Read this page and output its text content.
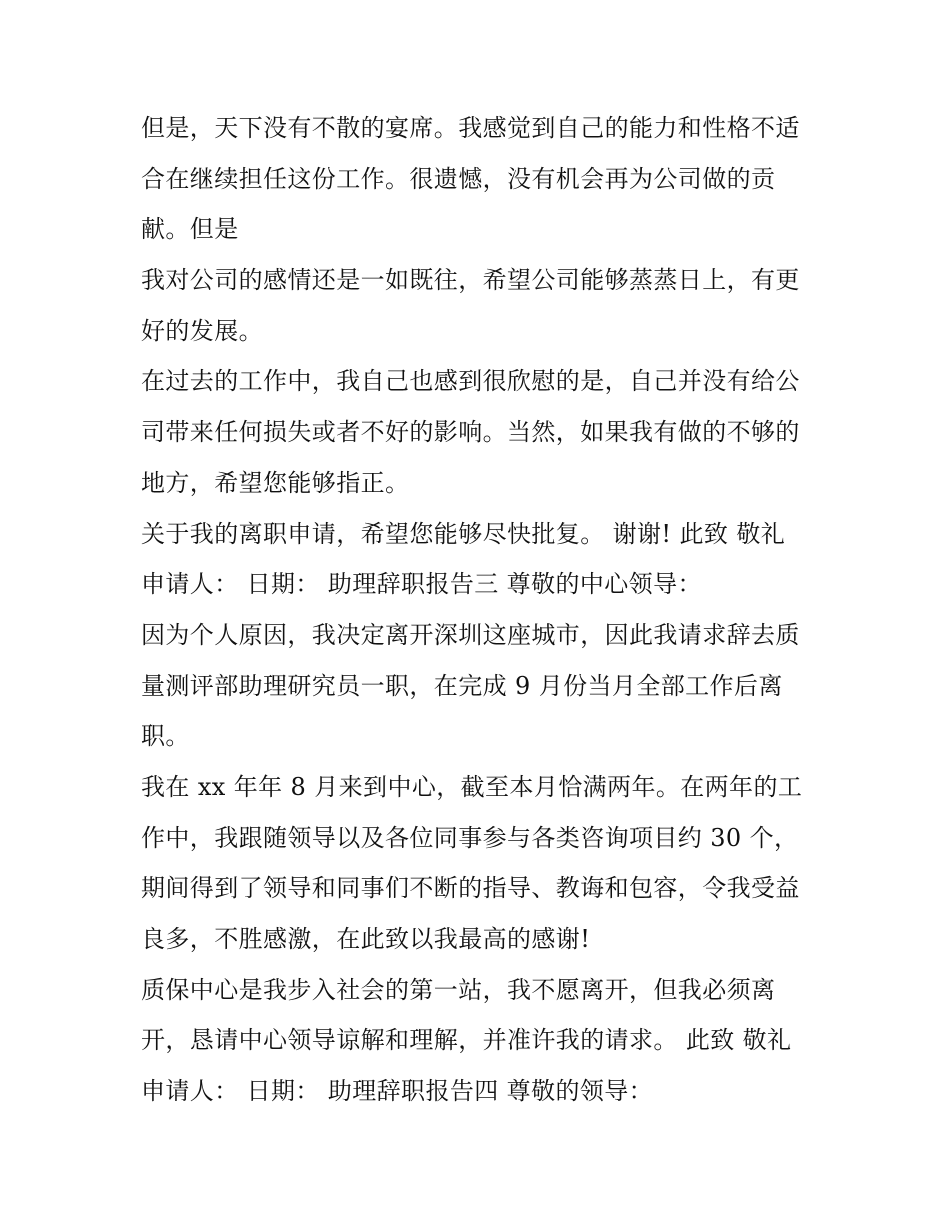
但是，天下没有不散的宴席。我感觉到自己的能力和性格不适
合在继续担任这份工作。很遗憾，没有机会再为公司做的贡
献。但是
我对公司的感情还是一如既往，希望公司能够蒸蒸日上，有更
好的发展。
在过去的工作中，我自己也感到很欣慰的是，自己并没有给公
司带来任何损失或者不好的影响。当然，如果我有做的不够的
地方，希望您能够指正。
关于我的离职申请，希望您能够尽快批复。 谢谢! 此致 敬礼
申请人： 日期： 助理辞职报告三 尊敬的中心领导：
因为个人原因，我决定离开深圳这座城市，因此我请求辞去质
量测评部助理研究员一职，在完成 9 月份当月全部工作后离
职。
我在 xx 年年 8 月来到中心，截至本月恰满两年。在两年的工
作中，我跟随领导以及各位同事参与各类咨询项目约 30 个，
期间得到了领导和同事们不断的指导、教诲和包容，令我受益
良多，不胜感激，在此致以我最高的感谢!
质保中心是我步入社会的第一站，我不愿离开，但我必须离
开，恳请中心领导谅解和理解，并准许我的请求。 此致 敬礼
申请人： 日期： 助理辞职报告四 尊敬的领导：
